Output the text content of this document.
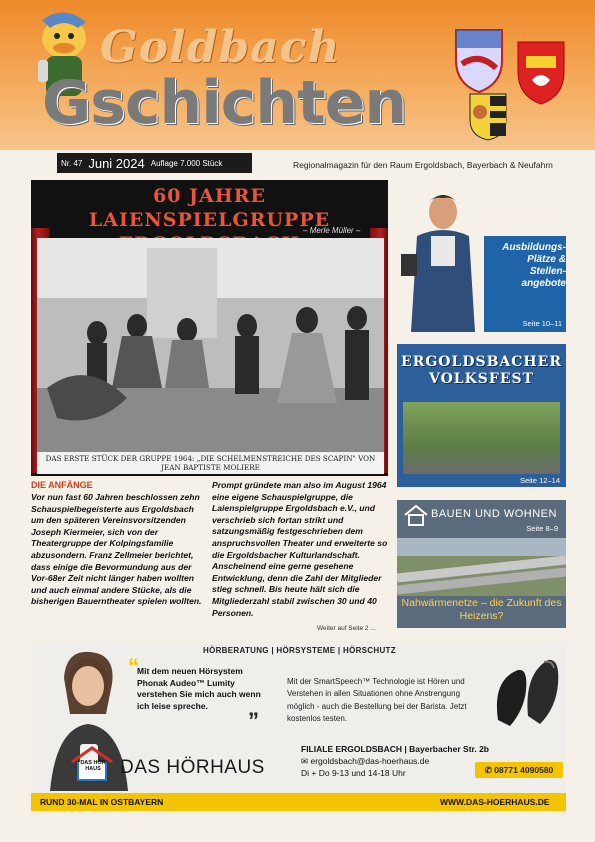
Goldbach
Gschichten
Nr. 47 Juni 2024 Auflage 7.000 Stück	Regionalmagazin für den Raum Ergoldsbach, Bayerbach & Neufahrn
60 JAHRE LAIENSPIELGRUPPE
– Merle Müller –
DAS ERSTE STÜCK DER GRUPPE 1964: „DIE SCHELMENSTREICHE DES SCAPIN" VON JEAN BAPTISTE MOLIERE
DIE ANFÄNGE
Vor nun fast 60 Jahren beschlossen zehn Schauspielbegeisterte aus Ergoldsbach um den späteren Vereinsvorsitzenden Joseph Kiermeier, sich von der Theatergruppe der Kolpingsfamilie abzusondern. Franz Zellmeier berichtet, dass einige die Bevormundung aus der Vor-68er Zeit nicht länger haben wollten und auch einmal andere Stücke, als die bisherigen Bauerntheater spielen wollten.
Prompt gründete man also im August 1964 eine eigene Schauspielgruppe, die Laienspielgruppe Ergoldsbach e.V., und verschrieb sich fortan strikt und satzungsmäßig festgeschrieben dem anspruchsvollen Theater und erweiterte so die Ergoldsbacher Kulturlandschaft. Anscheinend eine gerne gesehene Entwicklung, denn die Zahl der Mitglieder stieg schnell. Bis heute hält sich die Mitgliederzahl stabil zwischen 30 und 40 Personen.
Weiter auf Seite 2 ...
Ausbildungs-Plätze & Stellen-angebote
Seite 10–11
ERGOLDSBACHER VOLKSFEST
Seite 12–14
BAUEN UND WOHNEN
Seite 8–9
Nahwärmenetze – die Zukunft des Heizens?
HÖRBERATUNG | HÖRSYSTEME | HÖRSCHUTZ
“
Mit dem neuen Hörsystem Phonak Audeo™ Lumity verstehen Sie mich auch wenn ich leise spreche.
”
Mit der SmartSpeech™ Technologie ist Hören und Verstehen in allen Situationen ohne Anstrengung möglich - auch die Bestellung bei der Barista. Jetzt kostenlos testen.
DAS HÖR HAUS DAS HÖRHAUS
FILIALE ERGOLDSBACH | Bayerbacher Str. 2b
✉ ergoldsbach@das-hoerhaus.de
Di + Do 9-13 und 14-18 Uhr	✆ 08771 4090580
RUND 30-MAL IN OSTBAYERN	WWW.DAS-HOERHAUS.DE
